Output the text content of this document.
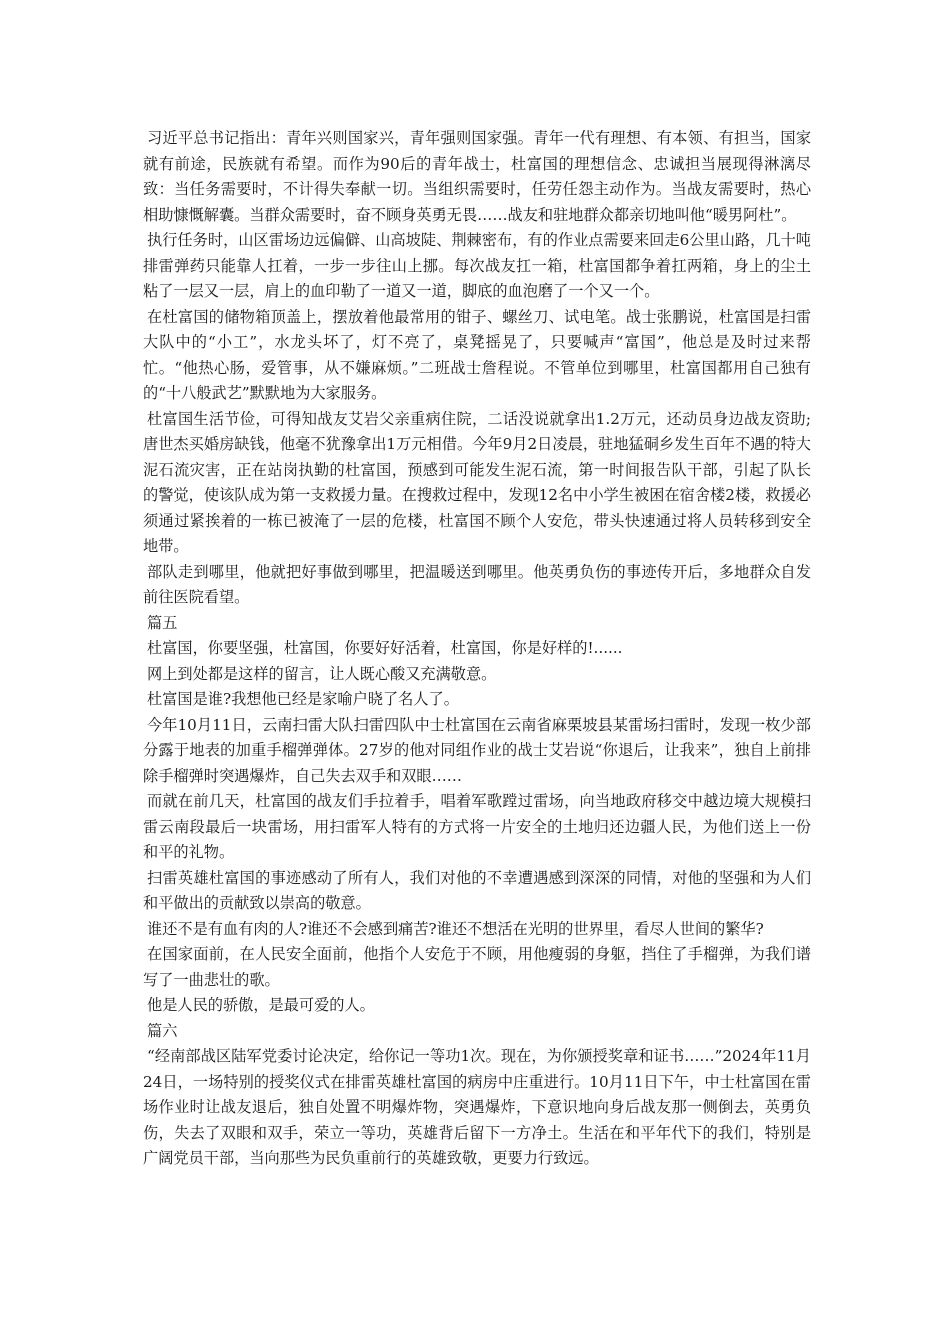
习近平总书记指出：青年兴则国家兴，青年强则国家强。青年一代有理想、有本领、有担当，国家就有前途，民族就有希望。而作为90后的青年战士，杜富国的理想信念、忠诚担当展现得淋漓尽致：当任务需要时，不计得失奉献一切。当组织需要时，任劳任怨主动作为。当战友需要时，热心相助慷慨解囊。当群众需要时，奋不顾身英勇无畏……战友和驻地群众都亲切地叫他“暖男阿杜”。

执行任务时，山区雷场边远偏僻、山高坡陡、荆棘密布，有的作业点需要来回走6公里山路，几十吨排雷弹药只能靠人扛着，一步一步往山上挪。每次战友扛一箱，杜富国都争着扛两箱，身上的尘土粘了一层又一层，肩上的血印勒了一道又一道，脚底的血泡磨了一个又一个。

在杜富国的储物箱顶盖上，摆放着他最常用的钳子、螺丝刀、试电笔。战士张鹏说，杜富国是扫雷大队中的“小工”，水龙头坏了，灯不亮了，桌凳摇晃了，只要喊声“富国”，他总是及时过来帮忙。“他热心肠，爱管事，从不嫌麻烦。”二班战士詹程说。不管单位到哪里，杜富国都用自己独有的“十八般武艺”默默地为大家服务。

杜富国生活节俭，可得知战友艾岩父亲重病住院，二话没说就拿出1.2万元，还动员身边战友资助;唐世杰买婚房缺钱，他毫不犹豫拿出1万元相借。今年9月2日凌晨，驻地猛硐乡发生百年不遇的特大泥石流灾害，正在站岗执勤的杜富国，预感到可能发生泥石流，第一时间报告队干部，引起了队长的警觉，使该队成为第一支救援力量。在搜救过程中，发现12名中小学生被困在宿舍楼2楼，救援必须通过紧挨着的一栋已被淹了一层的危楼，杜富国不顾个人安危，带头快速通过将人员转移到安全地带。

部队走到哪里，他就把好事做到哪里，把温暖送到哪里。他英勇负伤的事迹传开后，多地群众自发前往医院看望。

篇五

杜富国，你要坚强，杜富国，你要好好活着，杜富国，你是好样的!......

网上到处都是这样的留言，让人既心酸又充满敬意。

杜富国是谁?我想他已经是家喻户晓了名人了。

今年10月11日，云南扫雷大队扫雷四队中士杜富国在云南省麻栗坡县某雷场扫雷时，发现一枚少部分露于地表的加重手榴弹弹体。27岁的他对同组作业的战士艾岩说“你退后，让我来”，独自上前排除手榴弹时突遇爆炸，自己失去双手和双眼……

而就在前几天，杜富国的战友们手拉着手，唱着军歌蹚过雷场，向当地政府移交中越边境大规模扫雷云南段最后一块雷场，用扫雷军人特有的方式将一片安全的土地归还边疆人民，为他们送上一份和平的礼物。

扫雷英雄杜富国的事迹感动了所有人，我们对他的不幸遭遇感到深深的同情，对他的坚强和为人们和平做出的贡献致以崇高的敬意。

谁还不是有血有肉的人?谁还不会感到痛苦?谁还不想活在光明的世界里，看尽人世间的繁华?

在国家面前，在人民安全面前，他指个人安危于不顾，用他瘦弱的身躯，挡住了手榴弹，为我们谱写了一曲悲壮的歌。

他是人民的骄傲，是最可爱的人。

篇六

“经南部战区陆军党委讨论决定，给你记一等功1次。现在，为你颁授奖章和证书……”2024年11月24日，一场特别的授奖仪式在排雷英雄杜富国的病房中庄重进行。10月11日下午，中士杜富国在雷场作业时让战友退后，独自处置不明爆炸物，突遇爆炸，下意识地向身后战友那一侧倒去，英勇负伤，失去了双眼和双手，荣立一等功，英雄背后留下一方净土。生活在和平年代下的我们，特别是广阔党员干部，当向那些为民负重前行的英雄致敬，更要力行致远。
